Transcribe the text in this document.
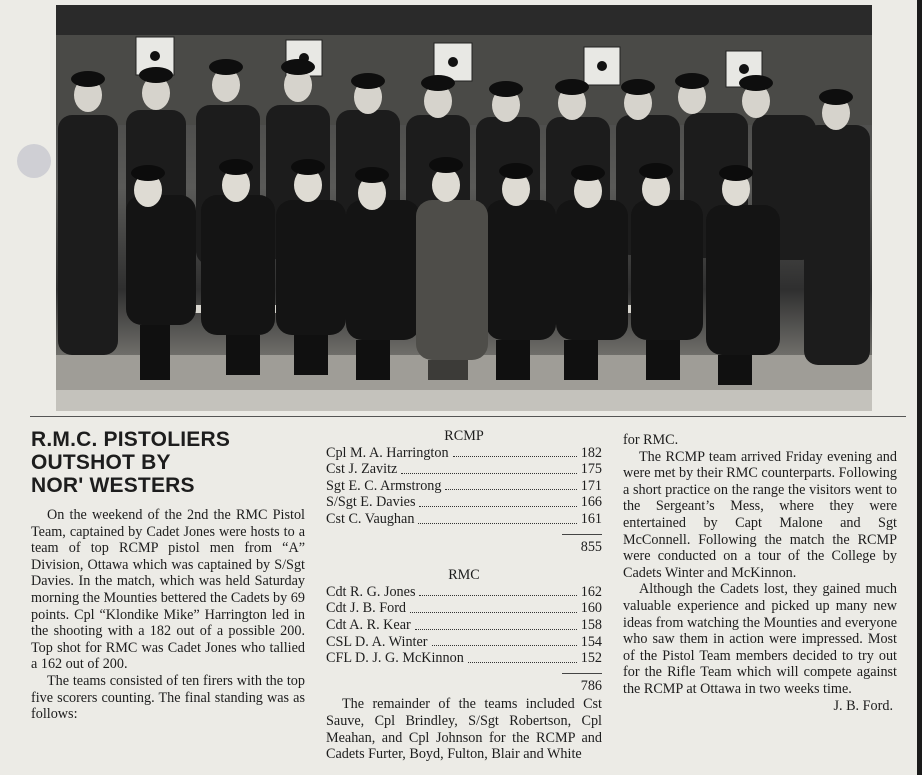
R.M.C. PISTOLIERS
OUTSHOT BY
NOR' WESTERS

On the weekend of the 2nd the RMC Pistol Team, captained by Cadet Jones were hosts to a team of top RCMP pistol men from “A” Division, Ottawa which was captained by S/Sgt Davies. In the match, which was held Saturday morning the Mounties bettered the Cadets by 69 points. Cpl “Klondike Mike” Harrington led in the shooting with a 182 out of a possible 200. Top shot for RMC was Cadet Jones who tallied a 162 out of 200.

The teams consisted of ten firers with the top five scorers counting. The final standing was as follows:

RCMP
Cpl M. A. Harrington	182
Cst J. Zavitz	175
Sgt E. C. Armstrong	171
S/Sgt E. Davies	166
Cst C. Vaughan	161
855
RMC
Cdt R. G. Jones	162
Cdt J. B. Ford	160
Cdt A. R. Kear	158
CSL D. A. Winter	154
CFL D. J. G. McKinnon	152
786

The remainder of the teams included Cst Sauve, Cpl Brindley, S/Sgt Robertson, Cpl Meahan, and Cpl Johnson for the RCMP and Cadets Furter, Boyd, Fulton, Blair and White

for RMC.

The RCMP team arrived Friday evening and were met by their RMC counterparts. Following a short practice on the range the visitors went to the Sergeant’s Mess, where they were entertained by Capt Malone and Sgt McConnell. Following the match the RCMP were conducted on a tour of the College by Cadets Winter and McKinnon.

Although the Cadets lost, they gained much valuable experience and picked up many new ideas from watching the Mounties and everyone who saw them in action were impressed. Most of the Pistol Team members decided to try out for the Rifle Team which will compete against the RCMP at Ottawa in two weeks time.

J. B. Ford.
